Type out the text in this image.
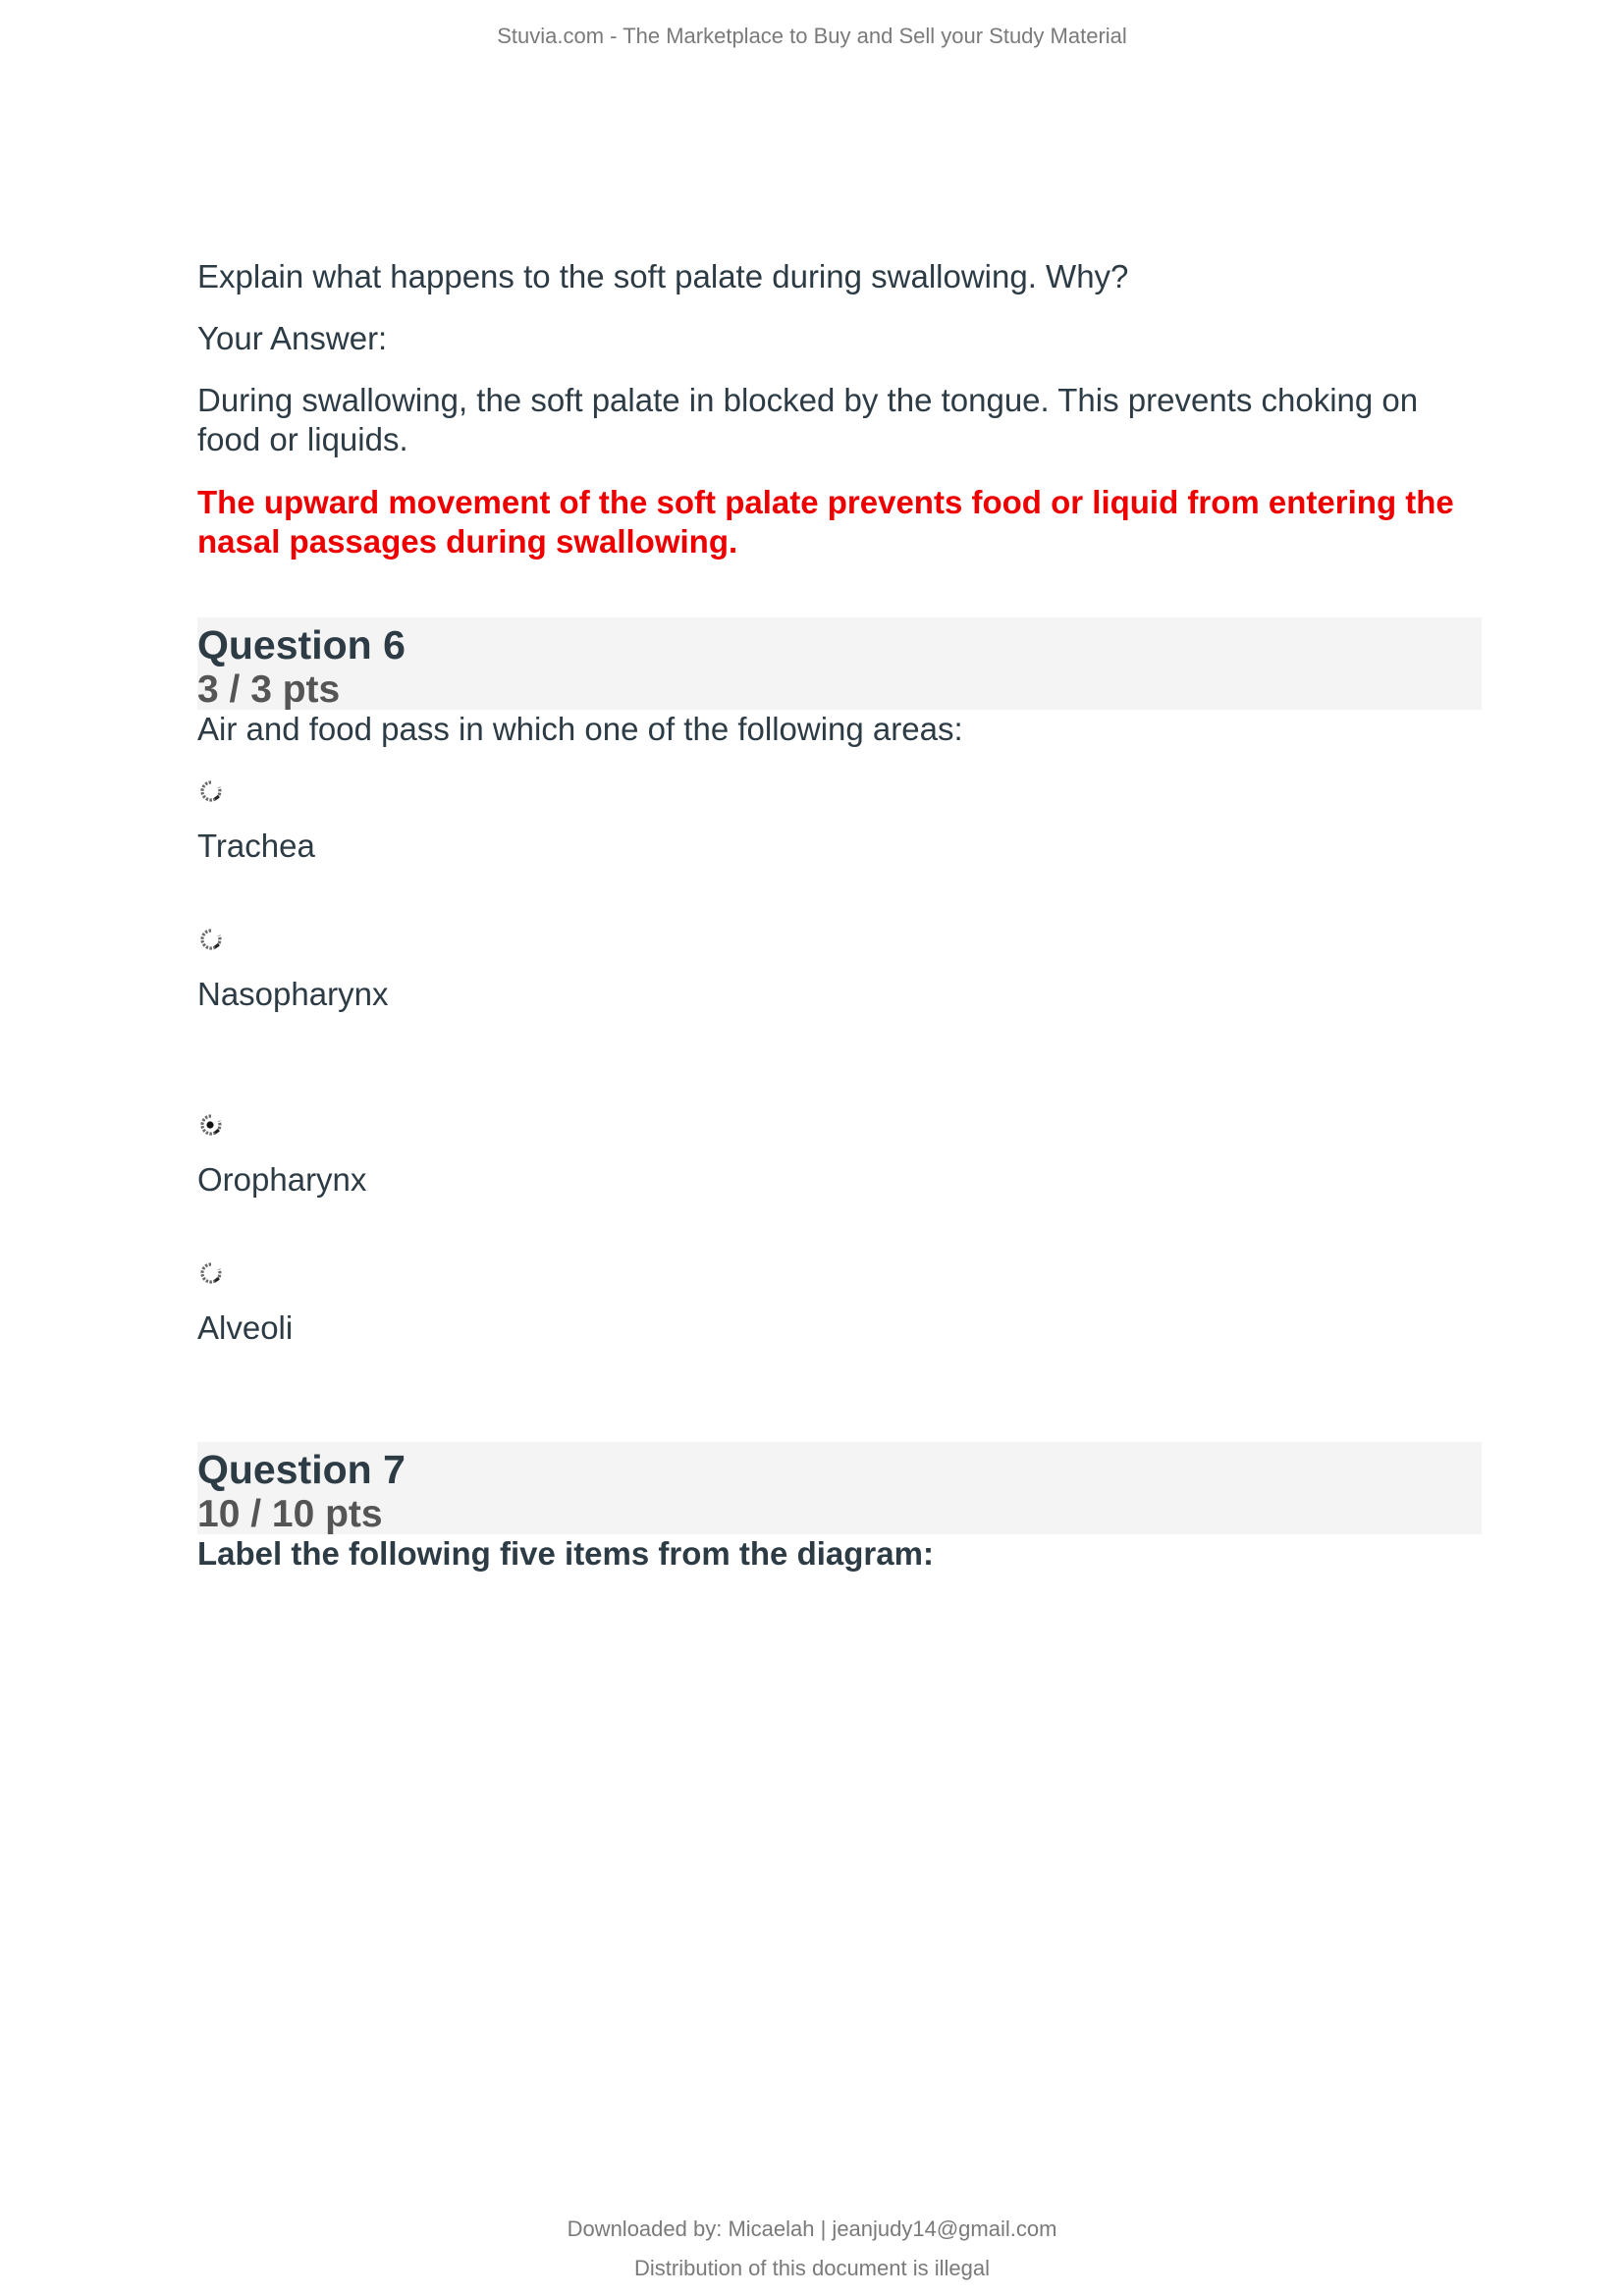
Stuvia.com - The Marketplace to Buy and Sell your Study Material

Explain what happens to the soft palate during swallowing. Why?

Your Answer:

During swallowing, the soft palate in blocked by the tongue. This prevents choking on food or liquids.

The upward movement of the soft palate prevents food or liquid from entering the nasal passages during swallowing.

Question 6
3 / 3 pts
Air and food pass in which one of the following areas:
Trachea
Nasopharynx
Oropharynx
Alveoli
Question 7
10 / 10 pts
Label the following five items from the diagram:
Downloaded by: Micaelah | jeanjudy14@gmail.com
Distribution of this document is illegal
